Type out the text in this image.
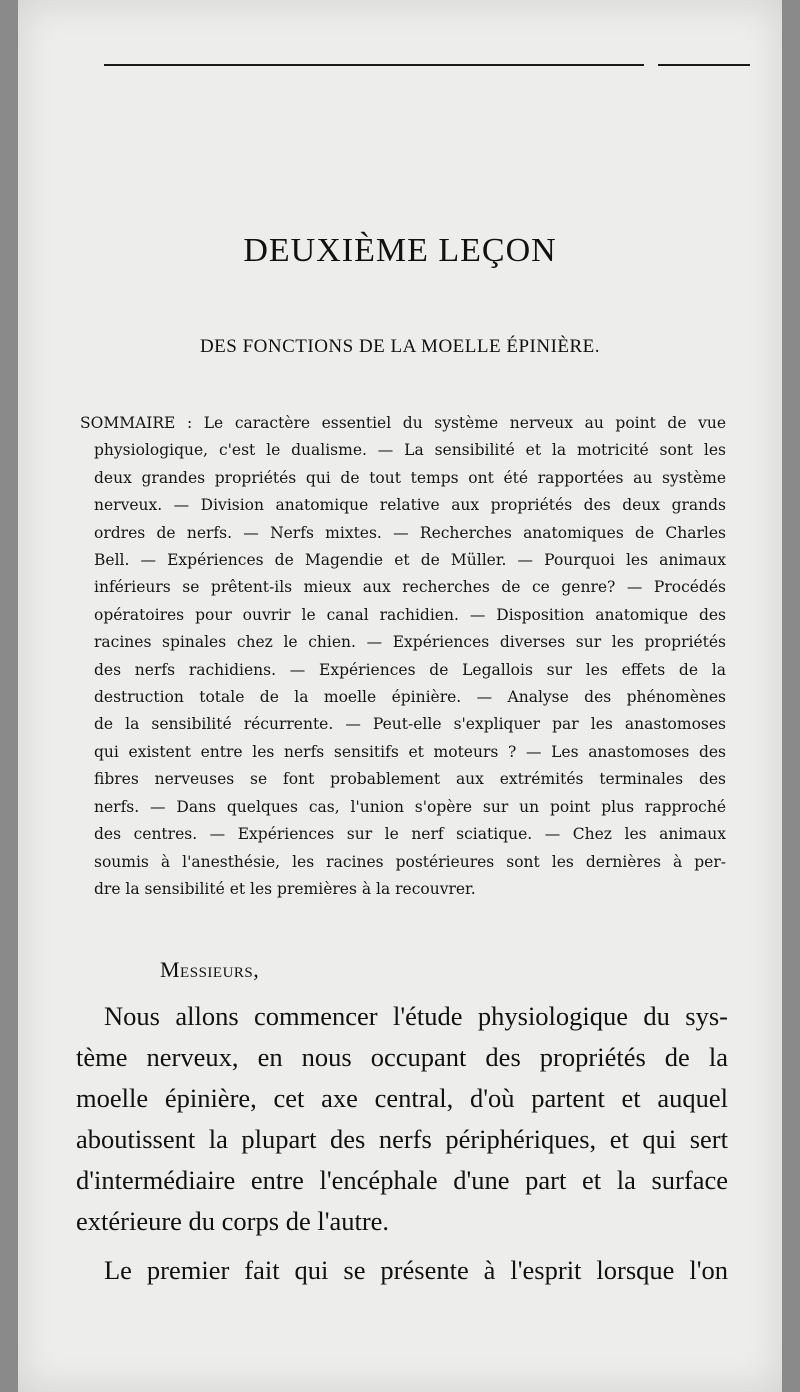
DEUXIÈME LEÇON
DES FONCTIONS DE LA MOELLE ÉPINIÈRE.
SOMMAIRE : Le caractère essentiel du système nerveux au point de vue
physiologique, c'est le dualisme. — La sensibilité et la motricité sont les
deux grandes propriétés qui de tout temps ont été rapportées au système
nerveux. — Division anatomique relative aux propriétés des deux grands
ordres de nerfs. — Nerfs mixtes. — Recherches anatomiques de Charles
Bell. — Expériences de Magendie et de Müller. — Pourquoi les animaux
inférieurs se prêtent-ils mieux aux recherches de ce genre? — Procédés
opératoires pour ouvrir le canal rachidien. — Disposition anatomique des
racines spinales chez le chien. — Expériences diverses sur les propriétés
des nerfs rachidiens. — Expériences de Legallois sur les effets de la
destruction totale de la moelle épinière. — Analyse des phénomènes
de la sensibilité récurrente. — Peut-elle s'expliquer par les anastomoses
qui existent entre les nerfs sensitifs et moteurs ? — Les anastomoses des
fibres nerveuses se font probablement aux extrémités terminales des
nerfs. — Dans quelques cas, l'union s'opère sur un point plus rapproché
des centres. — Expériences sur le nerf sciatique. — Chez les animaux
soumis à l'anesthésie, les racines postérieures sont les dernières à per-
dre la sensibilité et les premières à la recouvrer.
Messieurs,

Nous allons commencer l'étude physiologique du sys-
tème nerveux, en nous occupant des propriétés de la
moelle épinière, cet axe central, d'où partent et auquel
aboutissent la plupart des nerfs périphériques, et qui sert
d'intermédiaire entre l'encéphale d'une part et la surface
extérieure du corps de l'autre.

Le premier fait qui se présente à l'esprit lorsque l'on
